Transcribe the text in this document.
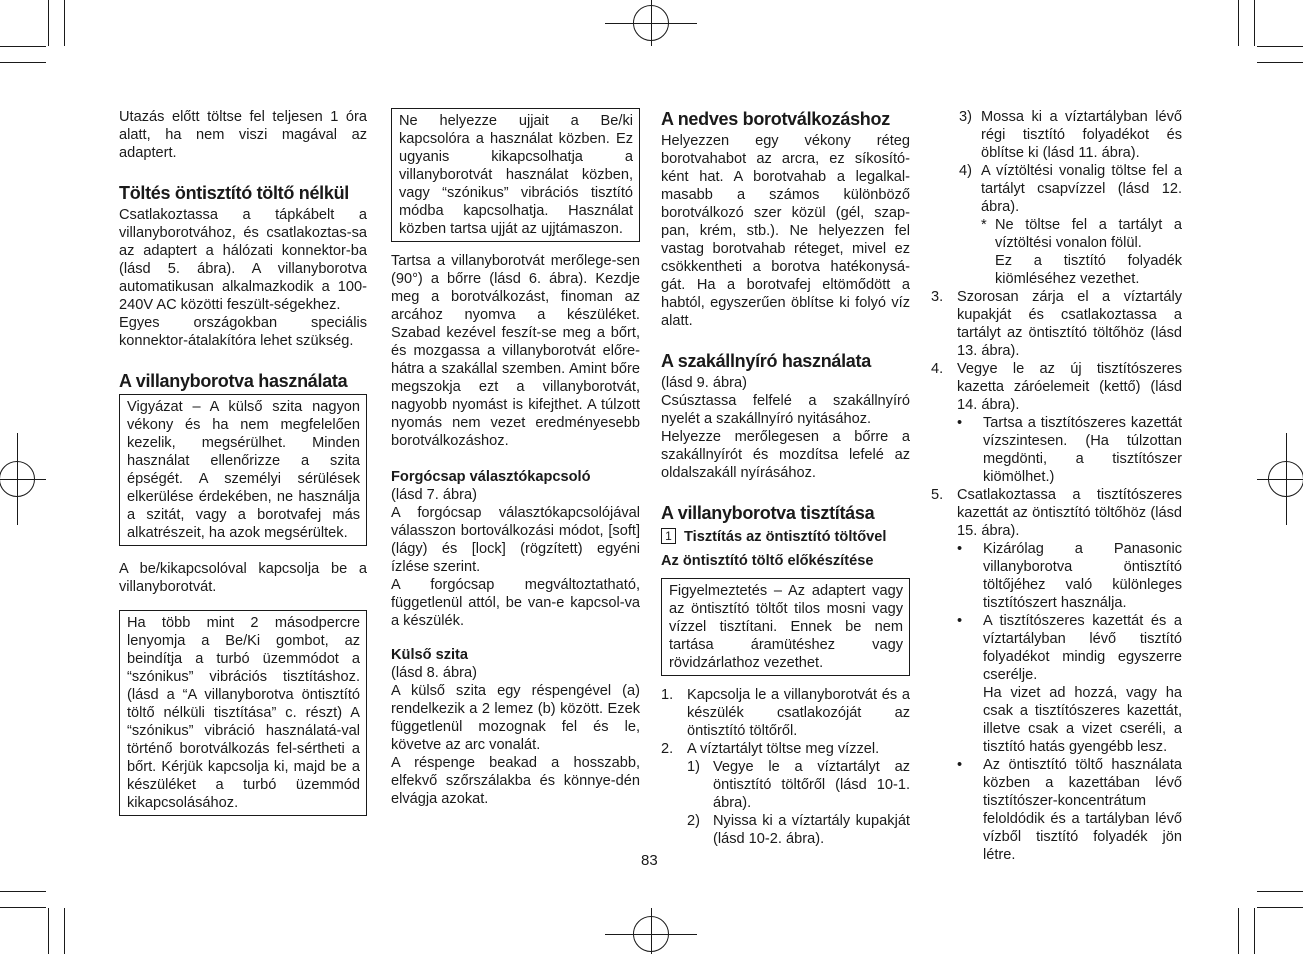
Utazás előtt töltse fel teljesen 1 óra alatt, ha nem viszi magával az adaptert.

Töltés öntisztító töltő nélkül

Csatlakoztassa a tápkábelt a villanyborotvához, és csatlakoztas-sa az adaptert a hálózati konnektor-ba (lásd 5. ábra). A villanyborotva automatikusan alkalmazkodik a 100-240V AC közötti feszült-ségekhez.

Egyes országokban speciális konnektor-átalakítóra lehet szükség.

A villanyborotva használata

Vigyázat – A külső szita nagyon vékony és ha nem megfelelően kezelik, megsérülhet. Minden használat ellenőrizze a szita épségét. A személyi sérülések elkerülése érdekében, ne használja a szitát, vagy a borotvafej más alkatrészeit, ha azok megsérültek.

A be/kikapcsolóval kapcsolja be a villanyborotvát.

Ha több mint 2 másodpercre lenyomja a Be/Ki gombot, az beindítja a turbó üzemmódot a “szónikus” vibrációs tisztításhoz. (lásd a “A villanyborotva öntisztító töltő nélküli tisztítása” c. részt) A “szónikus” vibráció használatá-val történő borotválkozás fel-sértheti a bőrt. Kérjük kapcsolja ki, majd be a készüléket a turbó üzemmód kikapcsolásához.

Ne helyezze ujjait a Be/ki kapcsolóra a használat közben. Ez ugyanis kikapcsolhatja a villanyborotvát használat közben, vagy “szónikus” vibrációs tisztító módba kapcsolhatja. Használat közben tartsa ujját az ujjtámaszon.

Tartsa a villanyborotvát merőlege-sen (90°) a bőrre (lásd 6. ábra). Kezdje meg a borotválkozást, finoman az arcához nyomva a készüléket. Szabad kezével feszít-se meg a bőrt, és mozgassa a villanyborotvát előre-hátra a szakállal szemben. Amint bőre megszokja ezt a villanyborotvát, nagyobb nyomást is kifejthet. A túlzott nyomás nem vezet eredményesebb borotválkozáshoz.

Forgócsap választókapcsoló

(lásd 7. ábra)

A forgócsap választókapcsolójával válasszon bortoválkozási módot, [soft] (lágy) és [lock] (rögzített) egyéni ízlése szerint.

A forgócsap megváltoztatható, függetlenül attól, be van-e kapcsol-va a készülék.

Külső szita

(lásd 8. ábra)

A külső szita egy réspengével (a) rendelkezik a 2 lemez (b) között. Ezek függetlenül mozognak fel és le, követve az arc vonalát.

A réspenge beakad a hosszabb, elfekvő szőrszálakba és könnye-dén elvágja azokat.

A nedves borotválkozáshoz

Helyezzen egy vékony réteg borotvahabot az arcra, ez síkosító-ként hat. A borotvahab a legalkal-masabb a számos különböző borotválkozó szer közül (gél, szap-pan, krém, stb.). Ne helyezzen fel vastag borotvahab réteget, mivel ez csökkentheti a borotva hatékonysá-gát. Ha a borotvafej eltömődött a habtól, egyszerűen öblítse ki folyó víz alatt.

A szakállnyíró használata

(lásd 9. ábra)

Csúsztassa felfelé a szakállnyíró nyelét a szakállnyíró nyitásához.

Helyezze merőlegesen a bőrre a szakállnyírót és mozdítsa lefelé az oldalszakáll nyírásához.

A villanyborotva tisztítása
1 Tisztítás az öntisztító töltővel
Az öntisztító töltő előkészítése

Figyelmeztetés – Az adaptert vagy az öntisztító töltőt tilos mosni vagy vízzel tisztítani. Ennek be nem tartása áramütéshez vagy rövidzárlathoz vezethet.

1. Kapcsolja le a villanyborotvát és a készülék csatlakozóját az öntisztító töltőről.
2. A víztartályt töltse meg vízzel.
1) Vegye le a víztartályt az öntisztító töltőről (lásd 10-1. ábra).
2) Nyissa ki a víztartály kupakját (lásd 10-2. ábra).
3) Mossa ki a víztartályban lévő régi tisztító folyadékot és öblítse ki (lásd 11. ábra).
4) A víztöltési vonalig töltse fel a tartályt csapvízzel (lásd 12. ábra).
* Ne töltse fel a tartályt a víztöltési vonalon fölül.
Ez a tisztító folyadék kiömléséhez vezethet.
3. Szorosan zárja el a víztartály kupakját és csatlakoztassa a tartályt az öntisztító töltőhöz (lásd 13. ábra).
4. Vegye le az új tisztítószeres kazetta záróelemeit (kettő) (lásd 14. ábra).
• Tartsa a tisztítószeres kazettát vízszintesen. (Ha túlzottan megdönti, a tisztítószer kiömölhet.)
5. Csatlakoztassa a tisztítószeres kazettát az öntisztító töltőhöz (lásd 15. ábra).
• Kizárólag a Panasonic villanyborotva öntisztító töltőjéhez való különleges tisztítószert használja.
• A tisztítószeres kazettát és a víztartályban lévő tisztító folyadékot mindig egyszerre cserélje.
Ha vizet ad hozzá, vagy ha csak a tisztítószeres kazettát, illetve csak a vizet cseréli, a tisztító hatás gyengébb lesz.
• Az öntisztító töltő használata közben a kazettában lévő tisztítószer-koncentrátum feloldódik és a tartályban lévő vízből tisztító folyadék jön létre.
83
